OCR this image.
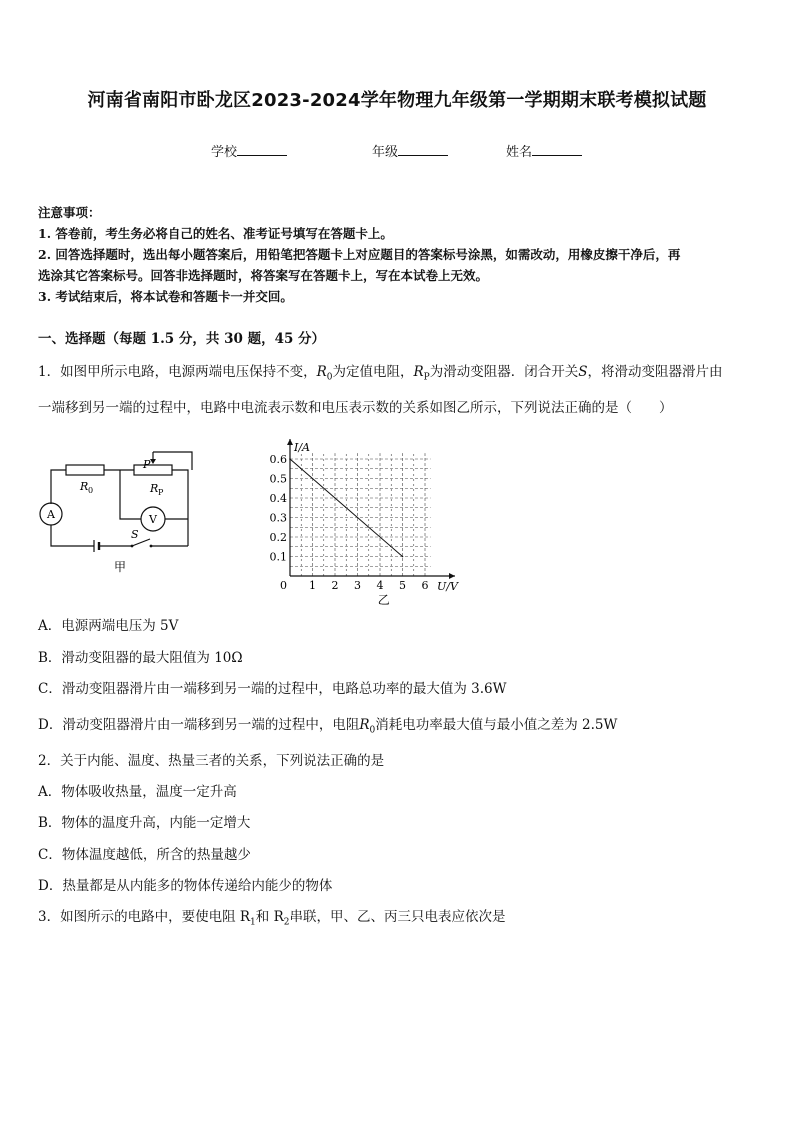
河南省南阳市卧龙区2023-2024学年物理九年级第一学期期末联考模拟试题
学校	年级	姓名
注意事项：
1. 答卷前，考生务必将自己的姓名、准考证号填写在答题卡上。
2. 回答选择题时，选出每小题答案后，用铅笔把答题卡上对应题目的答案标号涂黑，如需改动，用橡皮擦干净后，再
选涂其它答案标号。回答非选择题时，将答案写在答题卡上，写在本试卷上无效。
3. 考试结束后，将本试卷和答题卡一并交回。
一、选择题（每题 1.5 分，共 30 题，45 分）
1．如图甲所示电路，电源两端电压保持不变，$R_0$为定值电阻，$R_P$为滑动变阻器．闭合开关S，将滑动变阻器滑片由
一端移到另一端的过程中，电路中电流表示数和电压表示数的关系如图乙所示，下列说法正确的是（　　）
A	V
R 0	R P
P
S
甲
1 2 3 4 5 6
0.1
0.2
0.3
0.4
0.5
0.6
I/A
U/V
0
乙
A．电源两端电压为 5V
B．滑动变阻器的最大阻值为 10Ω
C．滑动变阻器滑片由一端移到另一端的过程中，电路总功率的最大值为 3.6W
D．滑动变阻器滑片由一端移到另一端的过程中，电阻$R_0$消耗电功率最大值与最小值之差为 2.5W
2．关于内能、温度、热量三者的关系，下列说法正确的是
A．物体吸收热量，温度一定升高
B．物体的温度升高，内能一定增大
C．物体温度越低，所含的热量越少
D．热量都是从内能多的物体传递给内能少的物体
3．如图所示的电路中，要使电阻 $R_1$和 $R_2$串联，甲、乙、丙三只电表应依次是
